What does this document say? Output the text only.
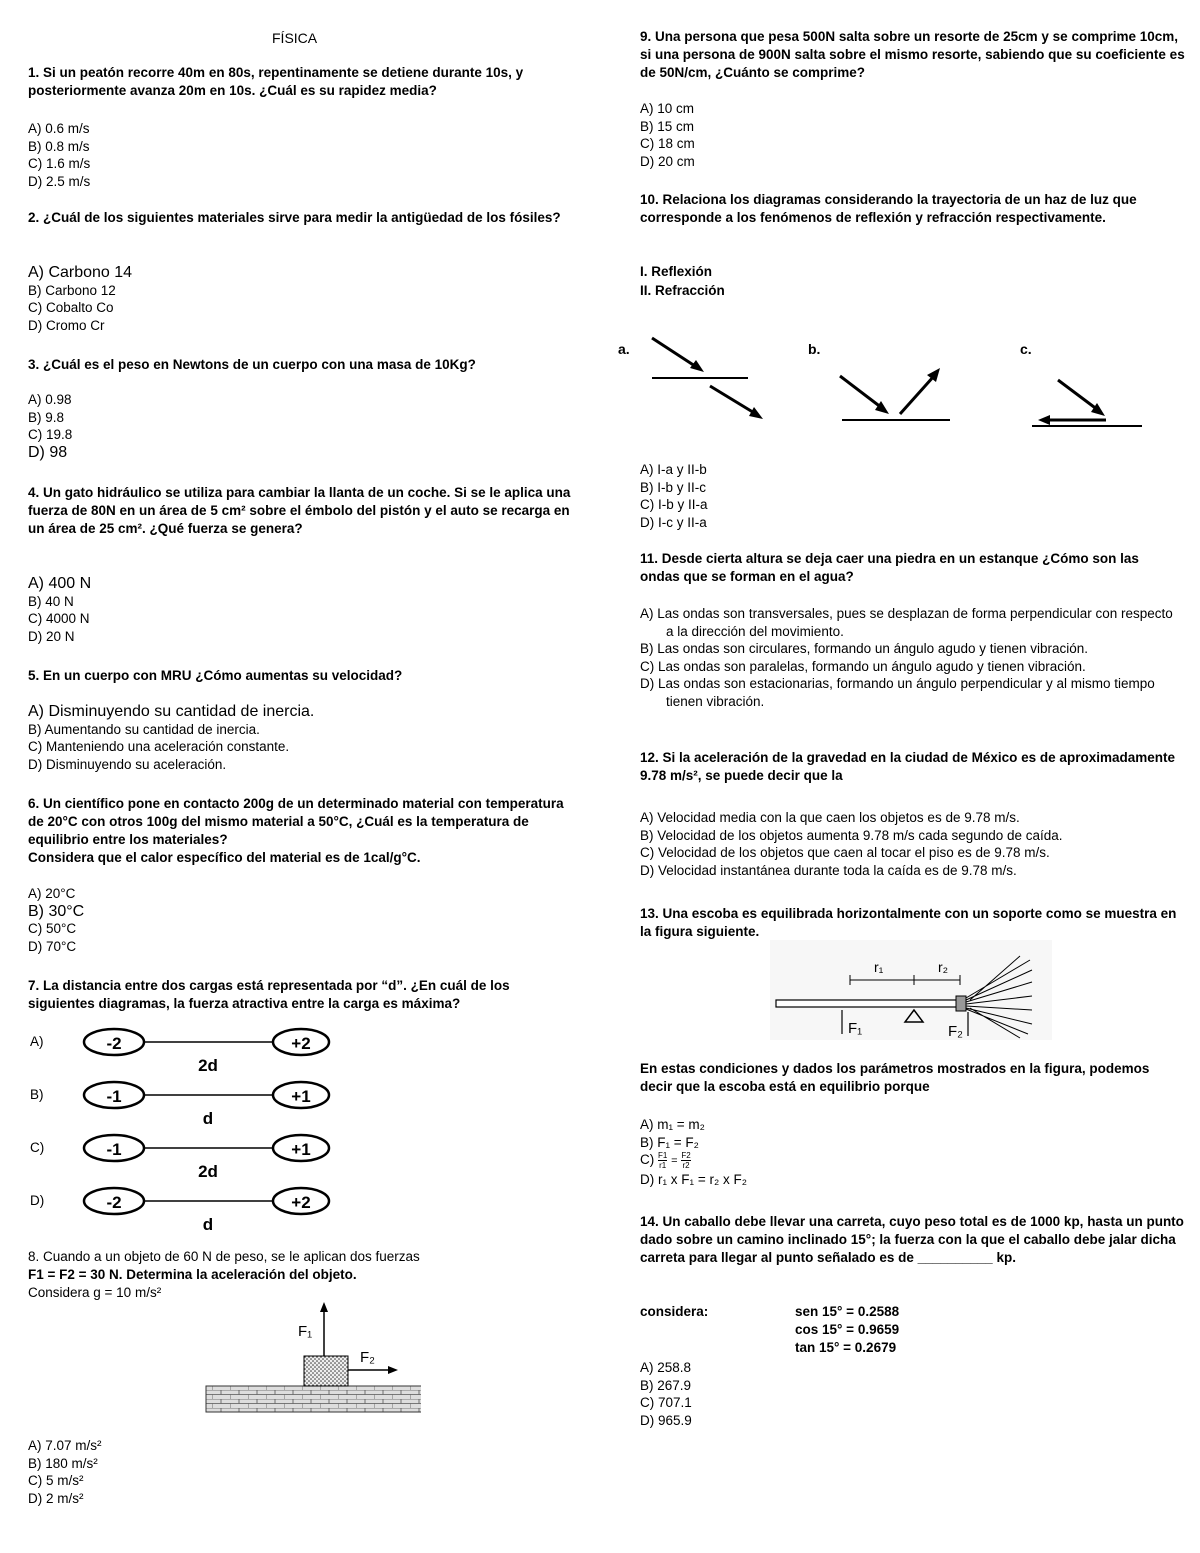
FÍSICA
1. Si un peatón recorre 40m en 80s, repentinamente se detiene durante 10s, y posteriormente avanza 20m en 10s. ¿Cuál es su rapidez media?
A) 0.6 m/s
B) 0.8 m/s
C) 1.6 m/s
D) 2.5 m/s
2. ¿Cuál de los siguientes materiales sirve para medir la antigüedad de los fósiles?
A) Carbono 14
B) Carbono 12
C) Cobalto Co
D) Cromo Cr
3. ¿Cuál es el peso en Newtons de un cuerpo con una masa de 10Kg?
A) 0.98
B) 9.8
C) 19.8
D) 98
4. Un gato hidráulico se utiliza para cambiar la llanta de un coche. Si se le aplica una fuerza de 80N en un área de 5 cm² sobre el émbolo del pistón y el auto se recarga en un área de 25 cm². ¿Qué fuerza se genera?
A) 400 N
B) 40 N
C) 4000 N
D) 20 N
5. En un cuerpo con MRU ¿Cómo aumentas su velocidad?
A) Disminuyendo su cantidad de inercia.
B) Aumentando su cantidad de inercia.
C) Manteniendo una aceleración constante.
D) Disminuyendo su aceleración.
6. Un científico pone en contacto 200g de un determinado material con temperatura de 20°C con otros 100g del mismo material a 50°C, ¿Cuál es la temperatura de equilibrio entre los materiales?
Considera que el calor específico del material es de 1cal/g°C.
A) 20°C
B) 30°C
C) 50°C
D) 70°C
7. La distancia entre dos cargas está representada por “d”. ¿En cuál de los siguientes diagramas, la fuerza atractiva entre la carga es máxima?
A)	-2	+2
2d
B)	-1	+1
d
C)	-1	+1
2d
D)	-2	+2
d
8. Cuando a un objeto de 60 N de peso, se le aplican dos fuerzas
F1 = F2 = 30 N. Determina la aceleración del objeto.
Considera g = 10 m/s²
F₁
F₂
A) 7.07 m/s²
B) 180 m/s²
C) 5 m/s²
D) 2 m/s²
9. Una persona que pesa 500N salta sobre un resorte de 25cm y se comprime 10cm, si una persona de 900N salta sobre el mismo resorte, sabiendo que su coeficiente es de 50N/cm, ¿Cuánto se comprime?
A) 10 cm
B) 15 cm
C) 18 cm
D) 20 cm
10. Relaciona los diagramas considerando la trayectoria de un haz de luz que corresponde a los fenómenos de reflexión y refracción respectivamente.
I. Reflexión
II. Refracción
a.	b.	c.
A) I-a y II-b
B) I-b y II-c
C) I-b y II-a
D) I-c y II-a
11. Desde cierta altura se deja caer una piedra en un estanque ¿Cómo son las ondas que se forman en el agua?
A) Las ondas son transversales, pues se desplazan de forma perpendicular con respecto a la dirección del movimiento.
B) Las ondas son circulares, formando un ángulo agudo y tienen vibración.
C) Las ondas son paralelas, formando un ángulo agudo y tienen vibración.
D) Las ondas son estacionarias, formando un ángulo perpendicular y al mismo tiempo tienen vibración.
12. Si la aceleración de la gravedad en la ciudad de México es de aproximadamente 9.78 m/s², se puede decir que la
A) Velocidad media con la que caen los objetos es de 9.78 m/s.
B) Velocidad de los objetos aumenta 9.78 m/s cada segundo de caída.
C) Velocidad de los objetos que caen al tocar el piso es de 9.78 m/s.
D) Velocidad instantánea durante toda la caída es de 9.78 m/s.
13. Una escoba es equilibrada horizontalmente con un soporte como se muestra en la figura siguiente.
r₁	r₂
F₁	F₂
En estas condiciones y dados los parámetros mostrados en la figura, podemos decir que la escoba está en equilibrio porque
A) m₁ = m₂
B) F₁ = F₂
$C) \frac{F1}{r1} = \frac{F2}{r2}$
D) r₁ x F₁ = r₂ x F₂
14. Un caballo debe llevar una carreta, cuyo peso total es de 1000 kp, hasta un punto dado sobre un camino inclinado 15°; la fuerza con la que el caballo debe jalar dicha carreta para llegar al punto señalado es de __________ kp.
considera:	sen 15° = 0.2588
cos 15° = 0.9659
tan 15° = 0.2679
A) 258.8
B) 267.9
C) 707.1
D) 965.9
